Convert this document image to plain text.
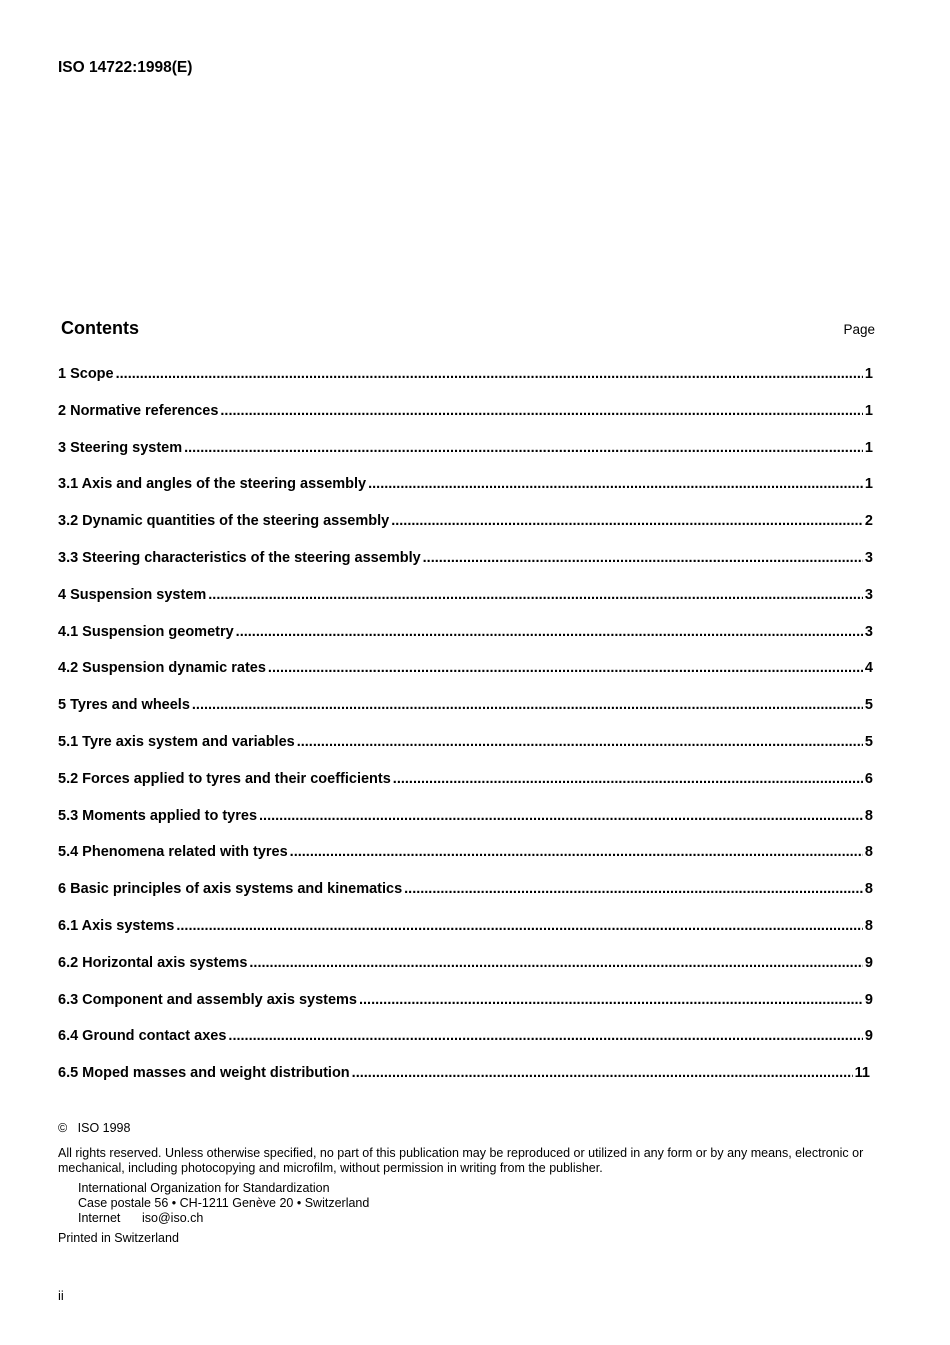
ISO 14722:1998(E)
Contents	Page
1 Scope .....	1
2 Normative references .....	1
3 Steering system .....	1
3.1 Axis and angles of the steering assembly .....	1
3.2 Dynamic quantities of the steering assembly .....	2
3.3 Steering characteristics of the steering assembly .....	3
4 Suspension system .....	3
4.1 Suspension geometry .....	3
4.2 Suspension dynamic rates .....	4
5 Tyres and wheels .....	5
5.1 Tyre axis system and variables .....	5
5.2 Forces applied to tyres and their coefficients .....	6
5.3 Moments applied to tyres .....	8
5.4 Phenomena related with tyres .....	8
6 Basic principles of axis systems and kinematics .....	8
6.1 Axis systems .....	8
6.2 Horizontal axis systems .....	9
6.3 Component and assembly axis systems .....	9
6.4 Ground contact axes .....	9
6.5 Moped masses and weight distribution .....	11

© ISO 1998

All rights reserved. Unless otherwise specified, no part of this publication may be reproduced or utilized in any form or by any means, electronic or mechanical, including photocopying and microfilm, without permission in writing from the publisher.

International Organization for Standardization

Case postale 56 • CH-1211 Genève 20 • Switzerland

Internet iso@iso.ch

Printed in Switzerland

ii
